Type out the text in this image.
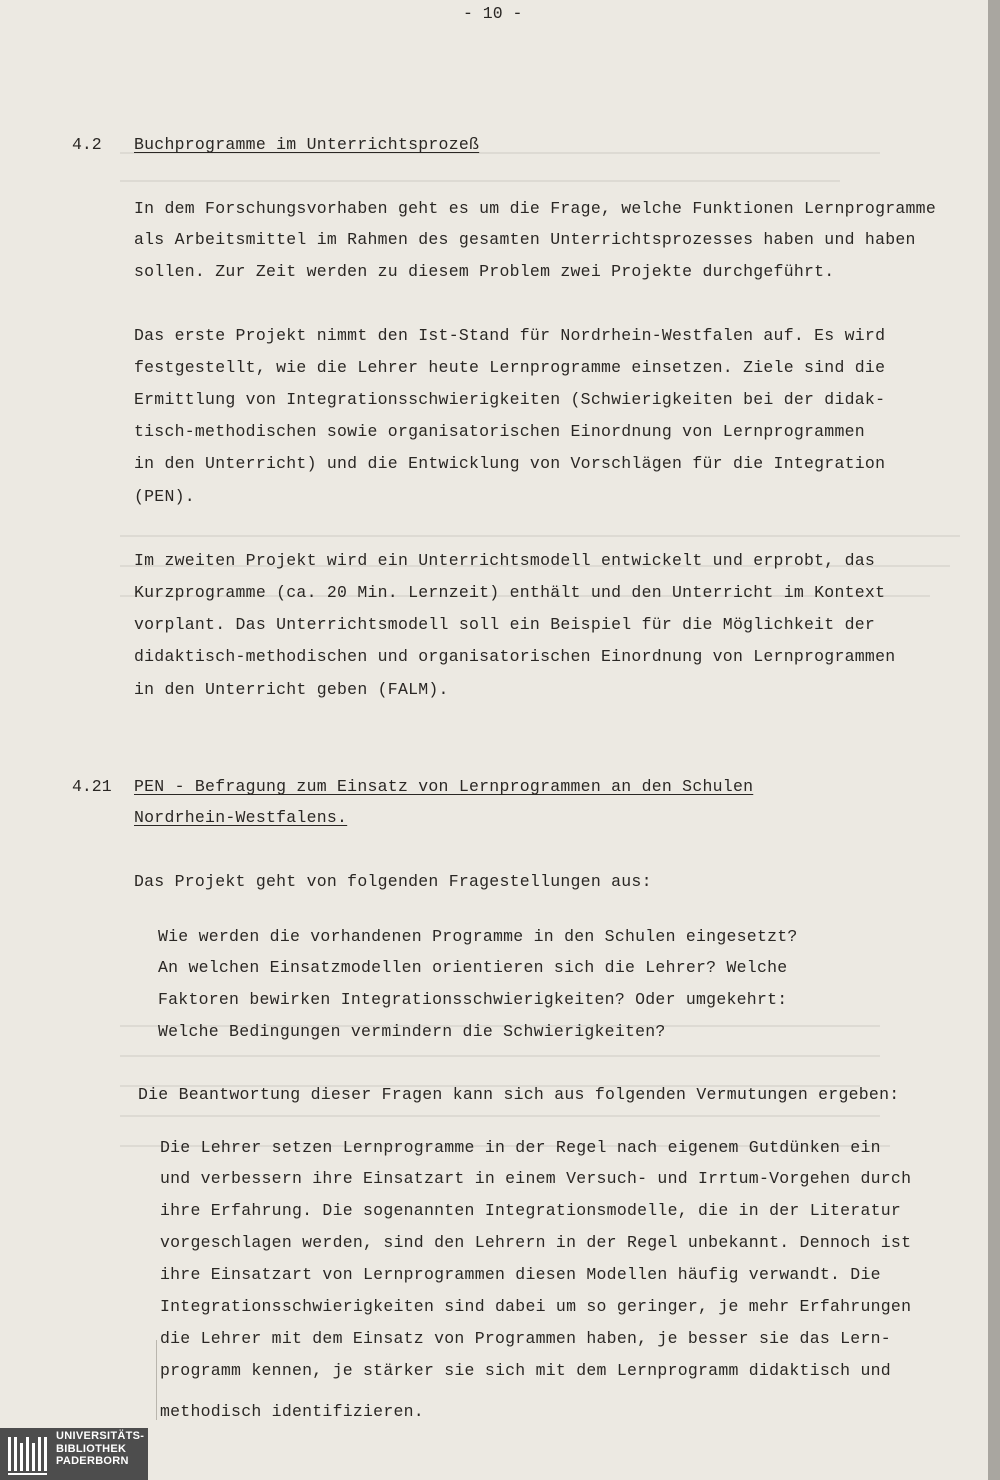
- 10 -
4.2 Buchprogramme im Unterrichtsprozeß
In dem Forschungsvorhaben geht es um die Frage, welche Funktionen Lernprogramme
als Arbeitsmittel im Rahmen des gesamten Unterrichtsprozesses haben und haben
sollen. Zur Zeit werden zu diesem Problem zwei Projekte durchgeführt.
Das erste Projekt nimmt den Ist-Stand für Nordrhein-Westfalen auf. Es wird
festgestellt, wie die Lehrer heute Lernprogramme einsetzen. Ziele sind die
Ermittlung von Integrationsschwierigkeiten (Schwierigkeiten bei der didak-
tisch-methodischen sowie organisatorischen Einordnung von Lernprogrammen
in den Unterricht) und die Entwicklung von Vorschlägen für die Integration
(PEN).
Im zweiten Projekt wird ein Unterrichtsmodell entwickelt und erprobt, das
Kurzprogramme (ca. 20 Min. Lernzeit) enthält und den Unterricht im Kontext
vorplant. Das Unterrichtsmodell soll ein Beispiel für die Möglichkeit der
didaktisch-methodischen und organisatorischen Einordnung von Lernprogrammen
in den Unterricht geben (FALM).
4.21 PEN - Befragung zum Einsatz von Lernprogrammen an den Schulen
Nordrhein-Westfalens.
Das Projekt geht von folgenden Fragestellungen aus:
Wie werden die vorhandenen Programme in den Schulen eingesetzt?
An welchen Einsatzmodellen orientieren sich die Lehrer? Welche
Faktoren bewirken Integrationsschwierigkeiten? Oder umgekehrt:
Welche Bedingungen vermindern die Schwierigkeiten?
Die Beantwortung dieser Fragen kann sich aus folgenden Vermutungen ergeben:
Die Lehrer setzen Lernprogramme in der Regel nach eigenem Gutdünken ein
und verbessern ihre Einsatzart in einem Versuch- und Irrtum-Vorgehen durch
ihre Erfahrung. Die sogenannten Integrationsmodelle, die in der Literatur
vorgeschlagen werden, sind den Lehrern in der Regel unbekannt. Dennoch ist
ihre Einsatzart von Lernprogrammen diesen Modellen häufig verwandt. Die
Integrationsschwierigkeiten sind dabei um so geringer, je mehr Erfahrungen
die Lehrer mit dem Einsatz von Programmen haben, je besser sie das Lern-
programm kennen, je stärker sie sich mit dem Lernprogramm didaktisch und
methodisch identifizieren.
UNIVERSITÄTS-
BIBLIOTHEK
PADERBORN
